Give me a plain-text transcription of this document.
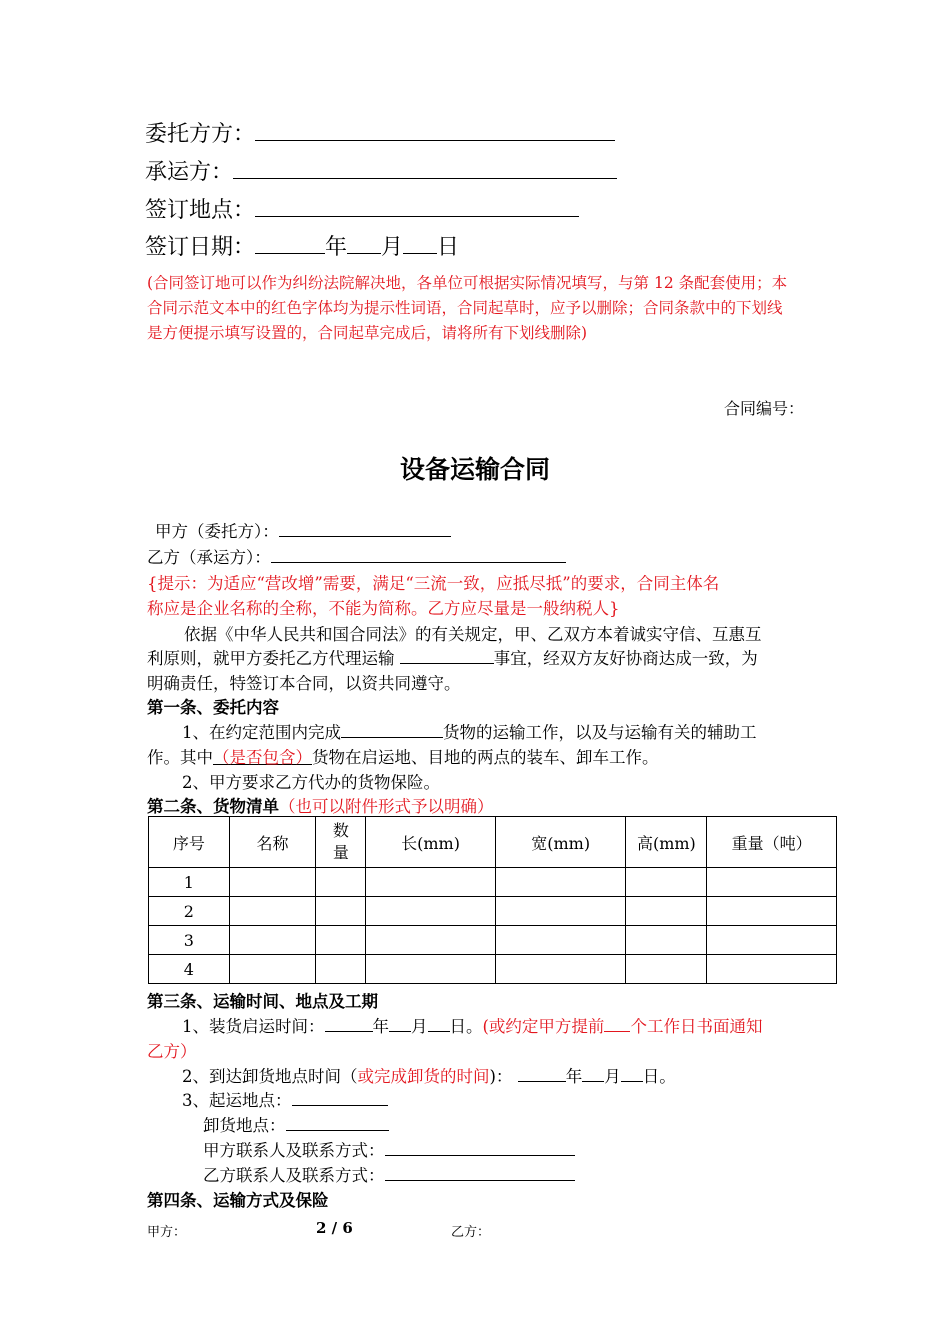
委托方方：
承运方：
签订地点：
签订日期：	年 月 日
(合同签订地可以作为纠纷法院解决地，各单位可根据实际情况填写，与第 12 条配套使用；本
合同示范文本中的红色字体均为提示性词语，合同起草时，应予以删除；合同条款中的下划线
是方便提示填写设置的，合同起草完成后，请将所有下划线删除)
合同编号：
设备运输合同
甲方（委托方）：
乙方（承运方）：
{提示：为适应“营改增”需要，满足“三流一致，应抵尽抵”的要求，合同主体名
称应是企业名称的全称，不能为简称。乙方应尽量是一般纳税人}
依据《中华人民共和国合同法》的有关规定，甲、乙双方本着诚实守信、互惠互
利原则，就甲方委托乙方代理运输	事宜，经双方友好协商达成一致，为
明确责任，特签订本合同，以资共同遵守。
第一条、委托内容
1、在约定范围内完成	货物的运输工作，以及与运输有关的辅助工
作。其中（是否包含）货物在启运地、目地的两点的装车、卸车工作。
2、甲方要求乙方代办的货物保险。
第二条、货物清单（也可以附件形式予以明确）
序号	名称	数量	长(mm)	宽(mm)	高(mm)	重量（吨）
1						
2						
3						
4						
第三条、运输时间、地点及工期
1、装货启运时间：	年 月 日。(或约定甲方提前 个工作日书面通知
乙方）
2、到达卸货地点时间（或完成卸货的时间)：	年 月 日。
3、起运地点：
卸货地点：
甲方联系人及联系方式：
乙方联系人及联系方式：
第四条、运输方式及保险
甲方：	2 / 6	乙方：
